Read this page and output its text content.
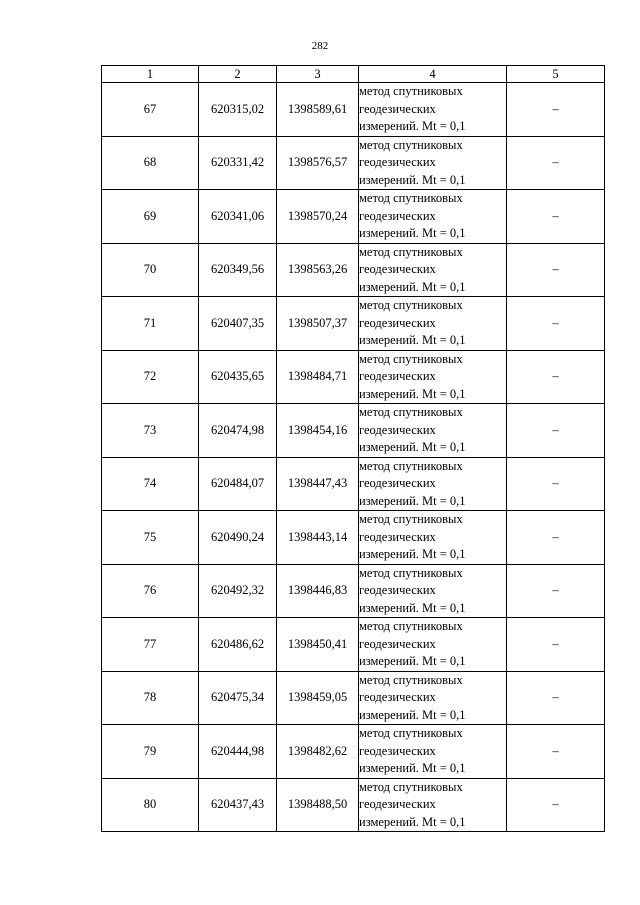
282
1	2	3	4	5
67	620315,02	1398589,61	метод спутниковых
геодезических
измерений. Mt = 0,1	–
68	620331,42	1398576,57	метод спутниковых
геодезических
измерений. Mt = 0,1	–
69	620341,06	1398570,24	метод спутниковых
геодезических
измерений. Mt = 0,1	–
70	620349,56	1398563,26	метод спутниковых
геодезических
измерений. Mt = 0,1	–
71	620407,35	1398507,37	метод спутниковых
геодезических
измерений. Mt = 0,1	–
72	620435,65	1398484,71	метод спутниковых
геодезических
измерений. Mt = 0,1	–
73	620474,98	1398454,16	метод спутниковых
геодезических
измерений. Mt = 0,1	–
74	620484,07	1398447,43	метод спутниковых
геодезических
измерений. Mt = 0,1	–
75	620490,24	1398443,14	метод спутниковых
геодезических
измерений. Mt = 0,1	–
76	620492,32	1398446,83	метод спутниковых
геодезических
измерений. Mt = 0,1	–
77	620486,62	1398450,41	метод спутниковых
геодезических
измерений. Mt = 0,1	–
78	620475,34	1398459,05	метод спутниковых
геодезических
измерений. Mt = 0,1	–
79	620444,98	1398482,62	метод спутниковых
геодезических
измерений. Mt = 0,1	–
80	620437,43	1398488,50	метод спутниковых
геодезических
измерений. Mt = 0,1	–
